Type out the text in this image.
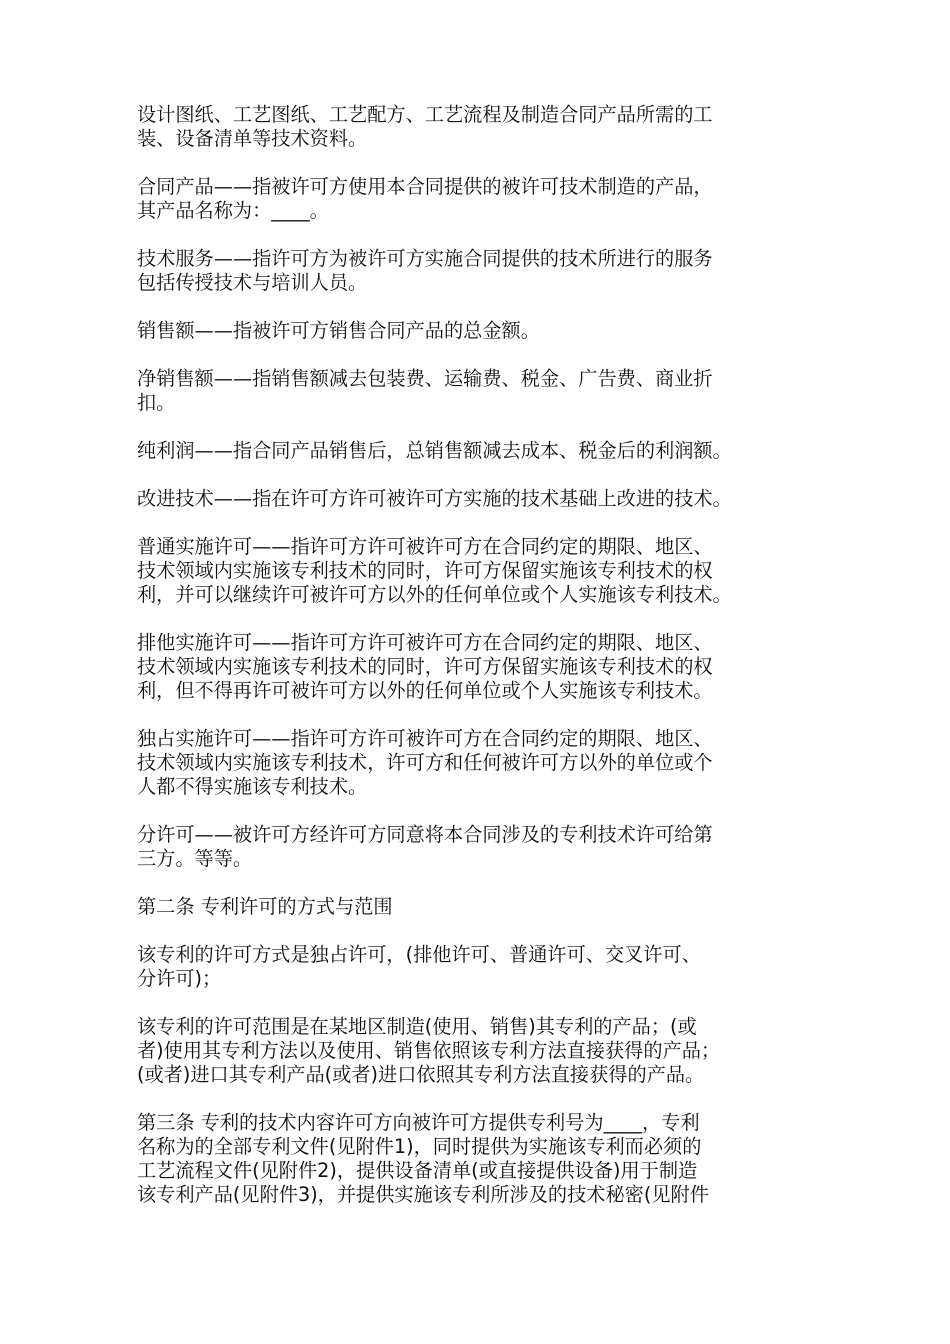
设计图纸、工艺图纸、工艺配方、工艺流程及制造合同产品所需的工
装、设备清单等技术资料。
合同产品——指被许可方使用本合同提供的被许可技术制造的产品，
其产品名称为：____。
技术服务——指许可方为被许可方实施合同提供的技术所进行的服务
包括传授技术与培训人员。
销售额——指被许可方销售合同产品的总金额。
净销售额——指销售额减去包装费、运输费、税金、广告费、商业折
扣。
纯利润——指合同产品销售后，总销售额减去成本、税金后的利润额。
改进技术——指在许可方许可被许可方实施的技术基础上改进的技术。
普通实施许可——指许可方许可被许可方在合同约定的期限、地区、
技术领域内实施该专利技术的同时，许可方保留实施该专利技术的权
利，并可以继续许可被许可方以外的任何单位或个人实施该专利技术。
排他实施许可——指许可方许可被许可方在合同约定的期限、地区、
技术领域内实施该专利技术的同时，许可方保留实施该专利技术的权
利，但不得再许可被许可方以外的任何单位或个人实施该专利技术。
独占实施许可——指许可方许可被许可方在合同约定的期限、地区、
技术领域内实施该专利技术，许可方和任何被许可方以外的单位或个
人都不得实施该专利技术。
分许可——被许可方经许可方同意将本合同涉及的专利技术许可给第
三方。等等。
第二条 专利许可的方式与范围
该专利的许可方式是独占许可，(排他许可、普通许可、交叉许可、
分许可)；
该专利的许可范围是在某地区制造(使用、销售)其专利的产品；(或
者)使用其专利方法以及使用、销售依照该专利方法直接获得的产品；
(或者)进口其专利产品(或者)进口依照其专利方法直接获得的产品。
第三条 专利的技术内容许可方向被许可方提供专利号为____，专利
名称为的全部专利文件(见附件1)，同时提供为实施该专利而必须的
工艺流程文件(见附件2)，提供设备清单(或直接提供设备)用于制造
该专利产品(见附件3)，并提供实施该专利所涉及的技术秘密(见附件
